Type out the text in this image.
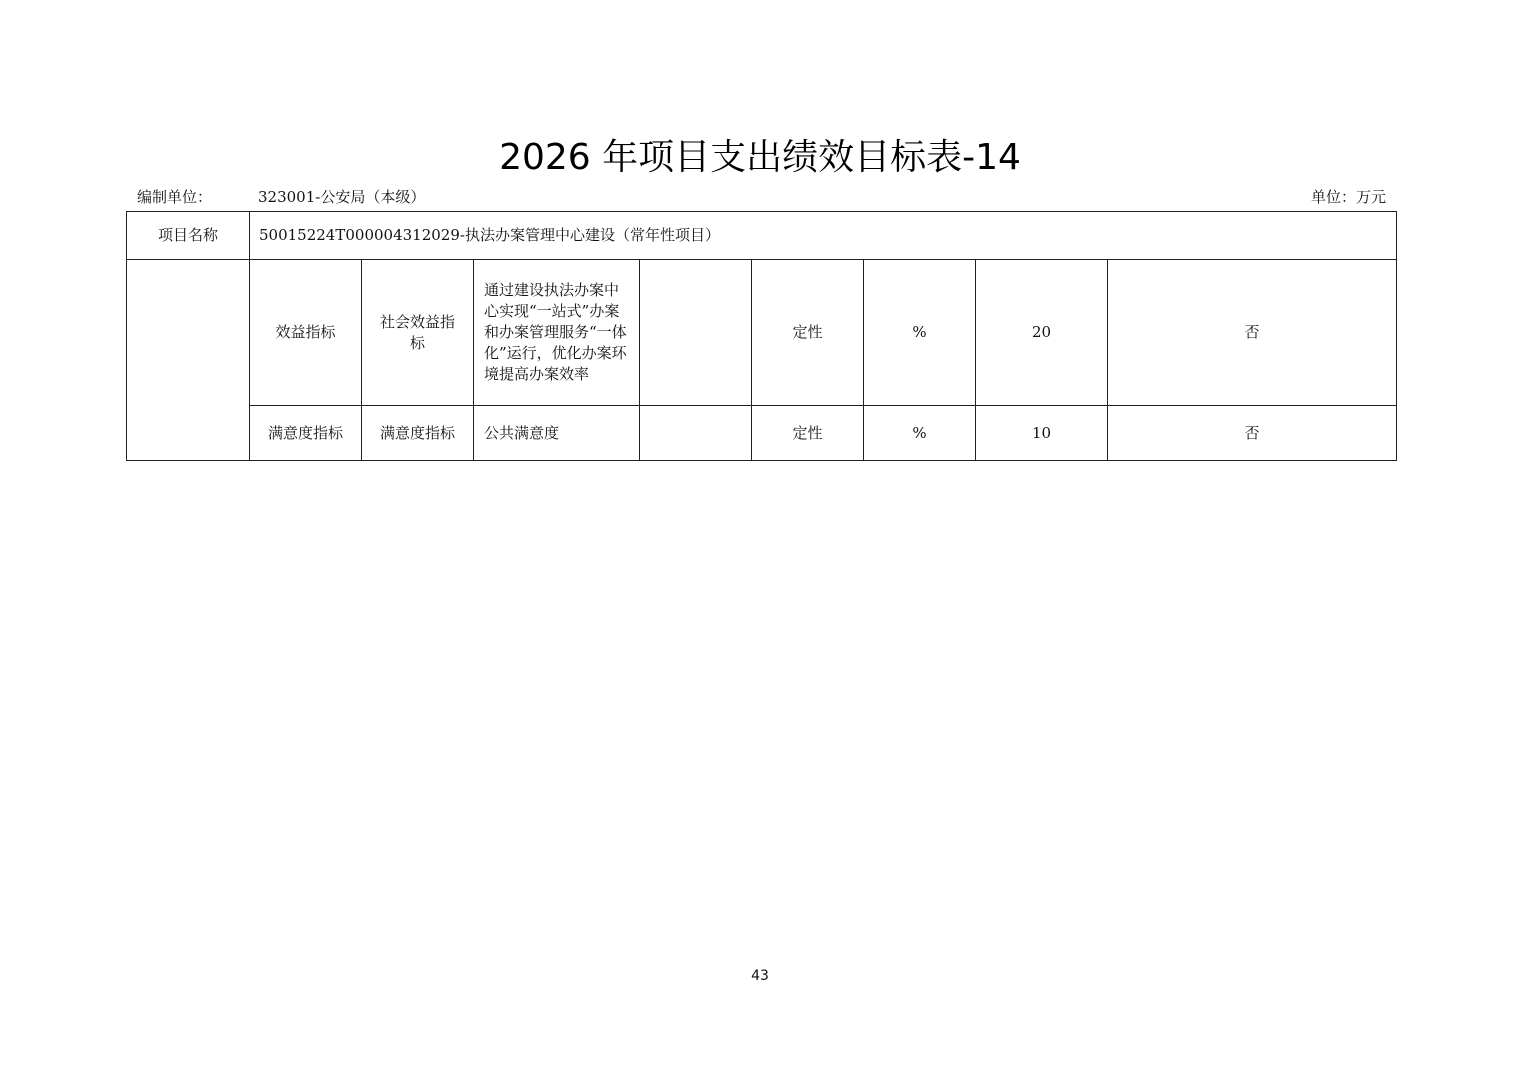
2026 年项目支出绩效目标表-14
编制单位：	323001-公安局（本级）	单位：万元
项目名称	50015224T000004312029-执法办案管理中心建设（常年性项目）							
	效益指标	社会效益指标	通过建设执法办案中心实现“一站式”办案和办案管理服务“一体化”运行，优化办案环境提高办案效率		定性	%	20	否
	满意度指标	满意度指标	公共满意度		定性	%	10	否
43
